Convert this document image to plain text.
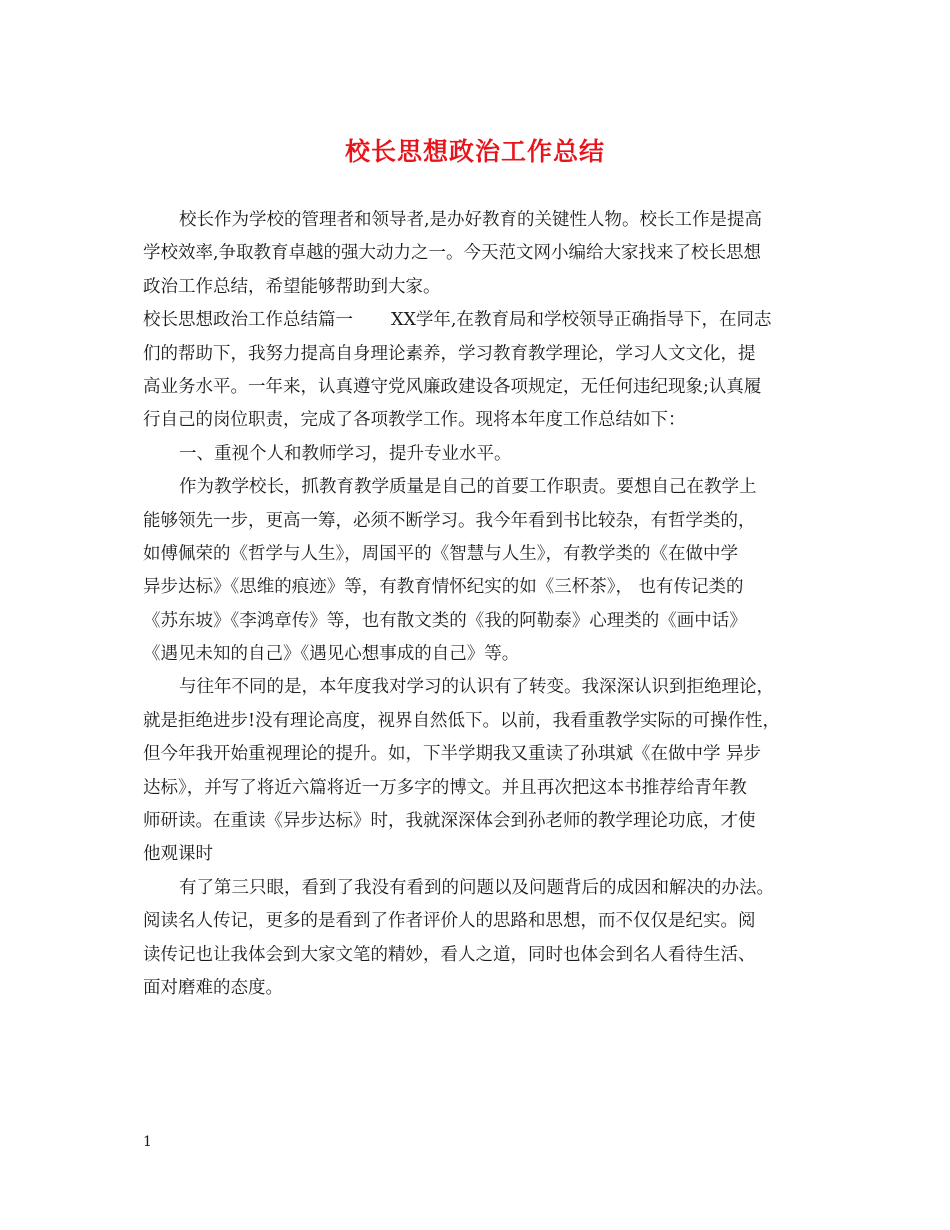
校长思想政治工作总结
校长作为学校的管理者和领导者,是办好教育的关键性人物。校长工作是提高
学校效率,争取教育卓越的强大动力之一。今天范文网小编给大家找来了校长思想
政治工作总结，希望能够帮助到大家。
校长思想政治工作总结篇一 XX学年,在教育局和学校领导正确指导下，在同志
们的帮助下，我努力提高自身理论素养，学习教育教学理论，学习人文文化，提
高业务水平。一年来，认真遵守党风廉政建设各项规定，无任何违纪现象;认真履
行自己的岗位职责，完成了各项教学工作。现将本年度工作总结如下：
一、重视个人和教师学习，提升专业水平。
作为教学校长，抓教育教学质量是自己的首要工作职责。要想自己在教学上
能够领先一步，更高一筹，必须不断学习。我今年看到书比较杂，有哲学类的，
如傅佩荣的《哲学与人生》，周国平的《智慧与人生》，有教学类的《在做中学
异步达标》《思维的痕迹》等，有教育情怀纪实的如《三杯茶》， 也有传记类的
《苏东坡》《李鸿章传》等，也有散文类的《我的阿勒泰》心理类的《画中话》
《遇见未知的自己》《遇见心想事成的自己》等。
与往年不同的是，本年度我对学习的认识有了转变。我深深认识到拒绝理论，
就是拒绝进步!没有理论高度，视界自然低下。以前，我看重教学实际的可操作性，
但今年我开始重视理论的提升。如，下半学期我又重读了孙琪斌《在做中学 异步
达标》，并写了将近六篇将近一万多字的博文。并且再次把这本书推荐给青年教
师研读。在重读《异步达标》时，我就深深体会到孙老师的教学理论功底，才使
他观课时
有了第三只眼，看到了我没有看到的问题以及问题背后的成因和解决的办法。
阅读名人传记，更多的是看到了作者评价人的思路和思想，而不仅仅是纪实。阅
读传记也让我体会到大家文笔的精妙，看人之道，同时也体会到名人看待生活、
面对磨难的态度。
1
